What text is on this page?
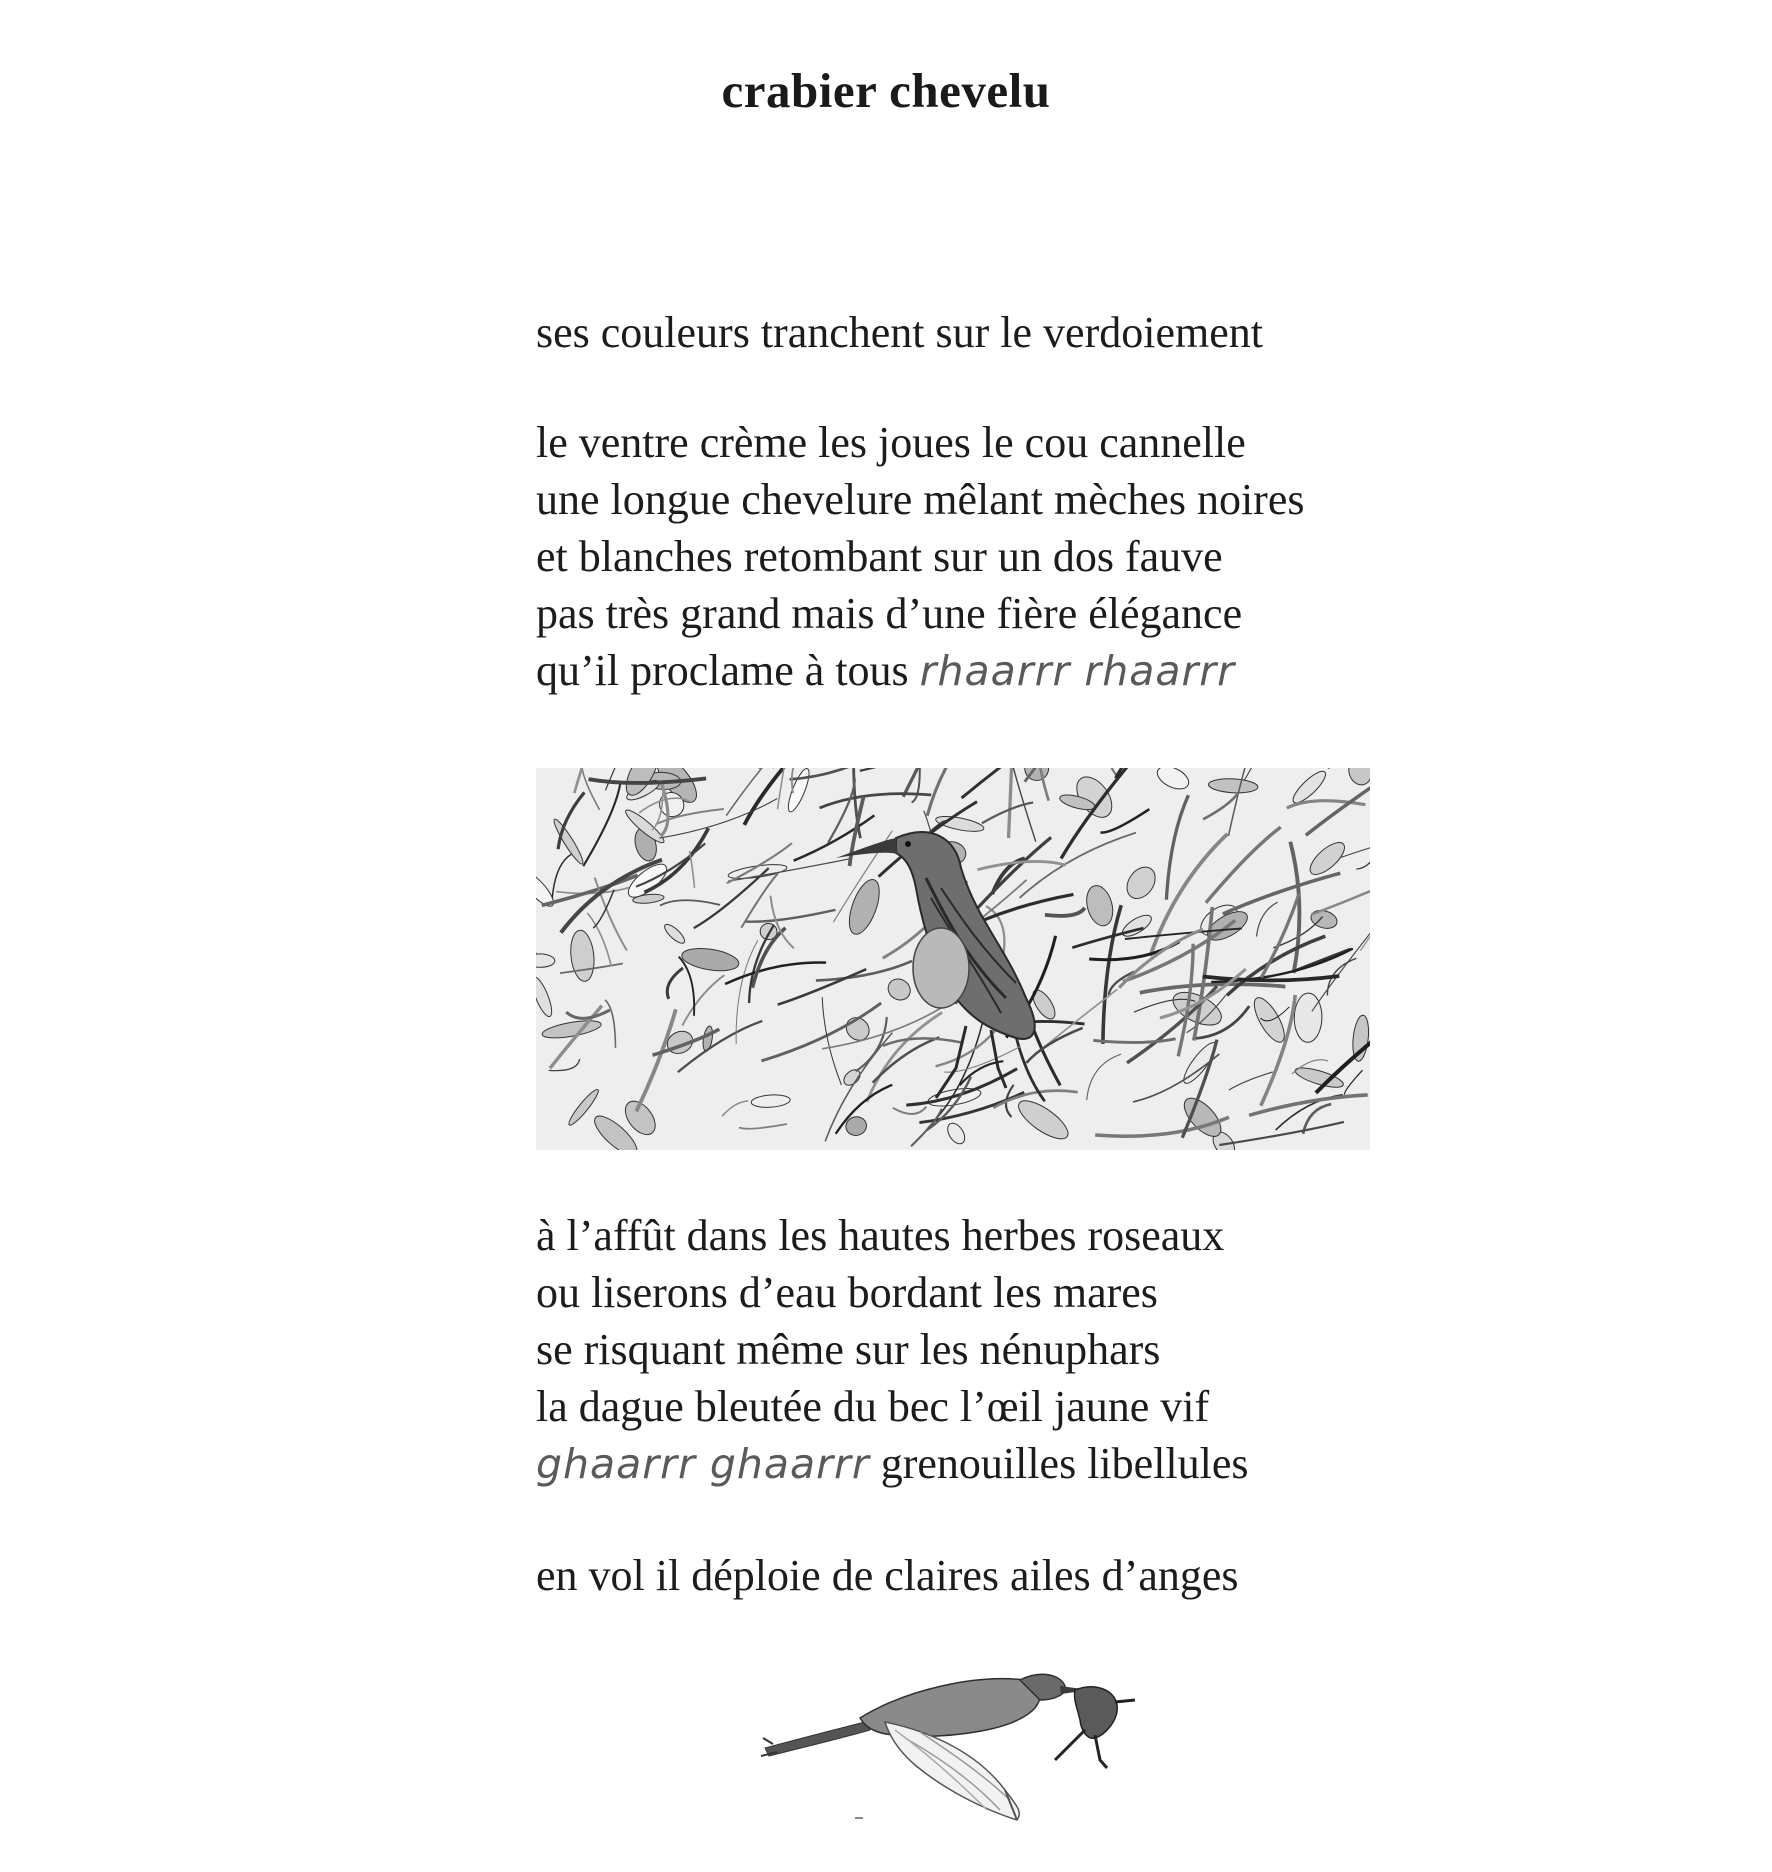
crabier chevelu
ses couleurs tranchent sur le verdoiement
le ventre crème les joues le cou cannelle
une longue chevelure mêlant mèches noires
et blanches retombant sur un dos fauve
pas très grand mais d’une fière élégance
qu’il proclame à tous rhaarrr rhaarrr
à l’affût dans les hautes herbes roseaux
ou liserons d’eau bordant les mares
se risquant même sur les nénuphars
la dague bleutée du bec l’œil jaune vif
ghaarrr ghaarrr grenouilles libellules
en vol il déploie de claires ailes d’anges
